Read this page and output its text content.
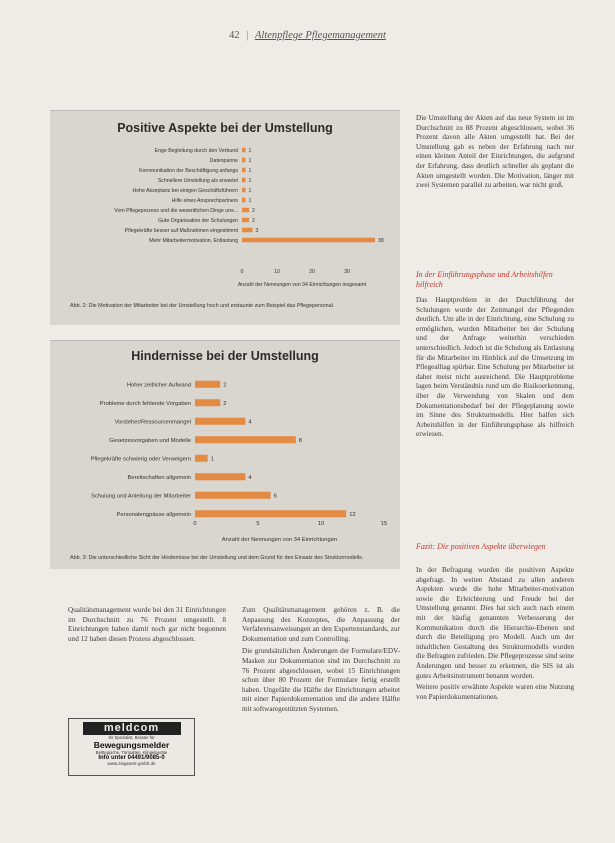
42 | Altenpflege Pflegemanagement
Positive Aspekte bei der Umstellung
Enge Begleitung durch den Verbund 1
Datenpanne 1
Kommunikation der Beschäftigung anfangs 1
Schnellere Umstellung als erwartet 1
Hohe Akzeptanz bei einigen Geschäftsführern 1
Hilfe eines Ansprechpartners 1
Vom Pflegeprozess und die wesentlichen Dinge uns...	2
Gute Organisation der Schulungen	2
Pflegekräfte besser auf Maßnahmen eingestimmt	3
Mehr Mitarbeitermotivation, Entlastung	38
0	10	20	30
Anzahl der Nennungen von 34 Einrichtungen insgesamt
Abb. 2: Die Motivation der Mitarbeiter bei der Umstellung hoch und erstaunte zum Beispiel das Pflegepersonal.
Hindernisse bei der Umstellung
Hoher zeitlicher Aufwand	2
Probleme durch fehlende Vorgaben	2
Vorsteher/Ressourcenmangel	4
Gesetzesvorgaben und Modelle	8
Pflegekräfte schwierig oder Verweigern	1
Bereitschaften allgemein	4
Schulung und Anleitung der Mitarbeiter	6
Personalengpässe allgemein	12
0	5	10	15
Anzahl der Nennungen von 34 Einrichtungen
Abb. 3: Die unterschiedliche Sicht der Hindernisse bei der Umstellung und dem Grund für den Einsatz des Strukturmodells.

Die Umstellung der Akten auf das neue System ist im Durchschnitt zu 88 Prozent abgeschlossen, wobei 36 Prozent davon alle Akten umgestellt hat. Bei der Umstellung gab es neben der Erfahrung nach nur einen kleinen Anteil der Einrichtungen, die aufgrund der Erfahrung, dass deutlich schneller als geplant die Akten umgestellt worden. Die Motivation, länger mit zwei Systemen parallel zu arbeiten, war nicht groß.

In der Einführungsphase und Arbeitshilfen hilfreich

Das Hauptproblem in der Durchführung der Schulungen wurde der Zeitmangel der Pflegenden deutlich. Um alle in der Einrichtung, eine Schulung zu ermöglichen, wurden Mitarbeiter bei der Schulung und der Anfrage weiterhin verschieden unterschiedlich. Jedoch ist die Schulung als Entlastung für die Mitarbeiter im Hinblick auf die Umsetzung im Pflegealltag spürbar. Eine Schulung per Mitarbeiter ist daher meist nicht ausreichend. Die Hauptprobleme lagen beim Verständnis rund um die Risikoerkennung, über die Verwendung von Skalen und dem Dokumentationsbedarf bei der Pflegeplanung sowie im Sinne des Strukturmodells. Hier halfen sich Arbeitshilfen in der Einführungsphase als hilfreich erwiesen.

Fazit: Die positiven Aspekte überwiegen

In der Befragung wurden die positiven Aspekte abgefragt. In weiten Abstand zu allen anderen Aspekten wurde die hohe Mitarbeiter-motivation sowie die Erleichterung und Freude bei der Umstellung genannt. Dies hat sich auch nach einem mit der häufig genannten Verbesserung der Kommunikation durch die Hierarchie-Ebenen und durch die Beteiligung pro Modell. Auch um der inhaltlichen Gestaltung des Strukturmodells wurden die Befragten zufrieden. Die Pflegeprozesse sind seine Änderungen und besser zu erkennen, die SIS ist als gutes Arbeitsinstrument benannt worden.

Weitere positiv erwähnte Aspekte waren eine Nutzung von Papierdokumentationen.

Qualitätsmanagement wurde bei den 31 Einrichtungen im Durchschnitt zu 76 Prozent umgestellt. 8 Einrichtungen haben damit noch gar nicht begonnen und 12 haben diesen Prozess abgeschlossen.

Zum Qualitätsmanagement gehören z. B. die Anpassung des Konzeptes, die Anpassung der Verfahrensanweisungen an den Expertenstandards, zur Dokumentation und zum Controlling.

Die grundsätzlichen Änderungen der Formulare/EDV-Masken zur Dokumentation sind im Durchschnitt zu 76 Prozent abgeschlossen, wobei 15 Einrichtungen schon über 80 Prozent der Formulare fertig erstellt haben. Ungefähr die Hälfte der Einrichtungen arbeitet mit einer Papierdokumentation und die andere Hälfte mit softwaregestützten Systemen.

meldcom
Ihr Spezialist. Berater für
Bewegungsmelder
Bettteppiche, Türmatten, Klingelgeräte
Info unter 04491/9085-0
www.ziegeamt-gmbh.de
